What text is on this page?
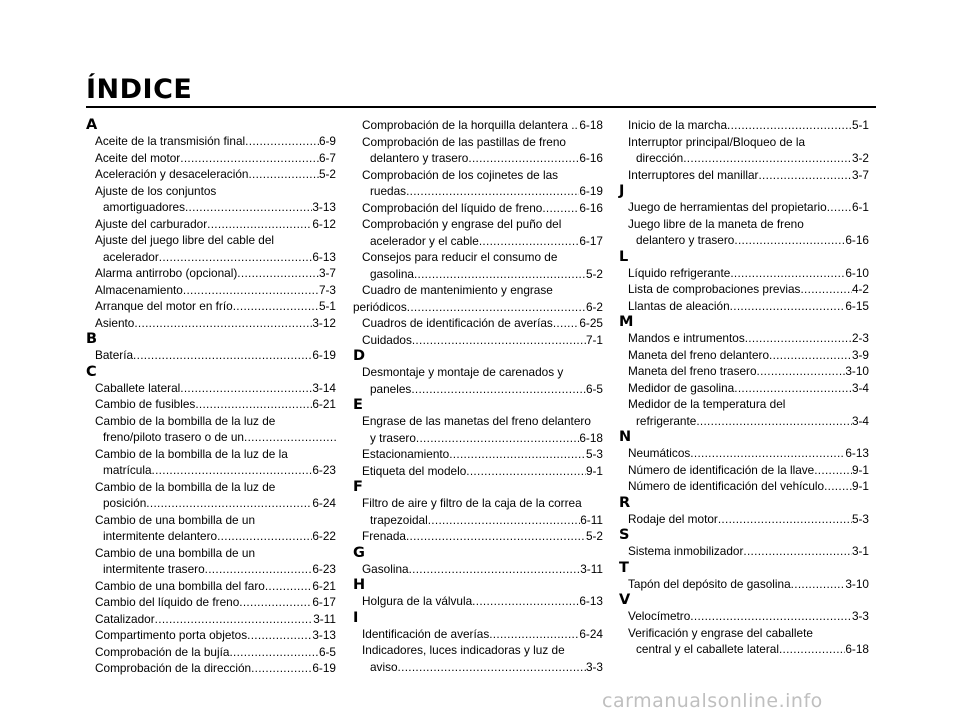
ÍNDICE
A
Aceite de la transmisión final .....	6-9
Aceite del motor .....	6-7
Aceleración y desaceleración .....	5-2
Ajuste de los conjuntos
amortiguadores .....	3-13
Ajuste del carburador .....	6-12
Ajuste del juego libre del cable del
acelerador .....	6-13
Alarma antirrobo (opcional) .....	3-7
Almacenamiento .....	7-3
Arranque del motor en frío .....	5-1
Asiento .....	3-12
B
Batería .....	6-19
C
Caballete lateral .....	3-14
Cambio de fusibles .....	6-21
Cambio de la bombilla de la luz de
freno/piloto trasero o de un
.....
Cambio de la bombilla de la luz de la
matrícula .....	6-23
Cambio de la bombilla de la luz de
posición .....	6-24
Cambio de una bombilla de un
intermitente delantero .....	6-22
Cambio de una bombilla de un
intermitente trasero .....	6-23
Cambio de una bombilla del faro .....	6-21
Cambio del líquido de freno .....	6-17
Catalizador .....	3-11
Compartimento porta objetos .....	3-13
Comprobación de la bujía .....	6-5
Comprobación de la dirección .....	6-19
Comprobación de la horquilla delantera . ..... 6-18
Comprobación de las pastillas de freno
delantero y trasero .....	6-16
Comprobación de los cojinetes de las
ruedas .....	6-19
Comprobación del líquido de freno .....	6-16
Comprobación y engrase del puño del
acelerador y el cable .....	6-17
Consejos para reducir el consumo de
gasolina .....	5-2
Cuadro de mantenimiento y engrase
periódicos .....	6-2
Cuadros de identificación de averías ..... 6-25
Cuidados .....	7-1
D
Desmontaje y montaje de carenados y
paneles .....	6-5
E
Engrase de las manetas del freno delantero
y trasero .....	6-18
Estacionamiento .....	5-3
Etiqueta del modelo .....	9-1
F
Filtro de aire y filtro de la caja de la correa
trapezoidal .....	6-11
Frenada .....	5-2
G
Gasolina .....	3-11
H
Holgura de la válvula .....	6-13
I
Identificación de averías .....	6-24
Indicadores, luces indicadoras y luz de
aviso .....	3-3
Inicio de la marcha .....	5-1
Interruptor principal/Bloqueo de la
dirección .....	3-2
Interruptores del manillar .....	3-7
J
Juego de herramientas del propietario ..... 6-1
Juego libre de la maneta de freno
delantero y trasero .....	6-16
L
Líquido refrigerante .....	6-10
Lista de comprobaciones previas .....	4-2
Llantas de aleación .....	6-15
M
Mandos e intrumentos .....	2-3
Maneta del freno delantero .....	3-9
Maneta del freno trasero .....	3-10
Medidor de gasolina .....	3-4
Medidor de la temperatura del
refrigerante .....	3-4
N
Neumáticos .....	6-13
Número de identificación de la llave .....	9-1
Número de identificación del vehículo ..... 9-1
R
Rodaje del motor .....	5-3
S
Sistema inmobilizador .....	3-1
T
Tapón del depósito de gasolina .....	3-10
V
Velocímetro .....	3-3
Verificación y engrase del caballete
central y el caballete lateral .....	6-18
carmanualsonline.info
